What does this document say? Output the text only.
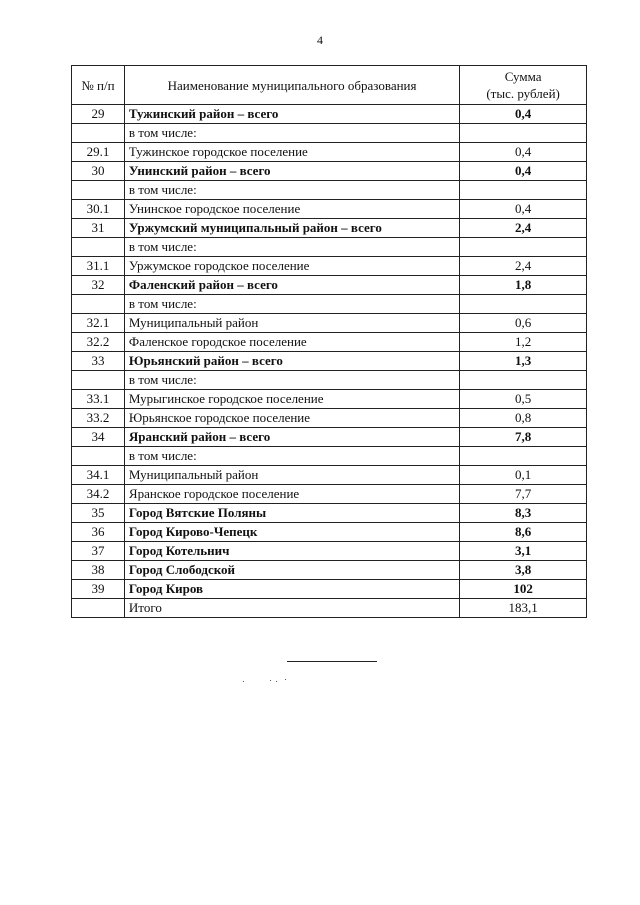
4
№ п/п	Наименование муниципального образования	Сумма
(тыс. рублей)
29	Тужинский район – всего	0,4
	в том числе:	
29.1	Тужинское городское поселение	0,4
30	Унинский район – всего	0,4
	в том числе:	
30.1	Унинское городское поселение	0,4
31	Уржумский муниципальный район – всего	2,4
	в том числе:	
31.1	Уржумское городское поселение	2,4
32	Фаленский район – всего	1,8
	в том числе:	
32.1	Муниципальный район	0,6
32.2	Фаленское городское поселение	1,2
33	Юрьянский район – всего	1,3
	в том числе:	
33.1	Мурыгинское городское поселение	0,5
33.2	Юрьянское городское поселение	0,8
34	Яранский район – всего	7,8
	в том числе:	
34.1	Муниципальный район	0,1
34.2	Яранское городское поселение	7,7
35	Город Вятские Поляны	8,3
36	Город Кирово-Чепецк	8,6
37	Город Котельнич	3,1
38	Город Слободской	3,8
39	Город Киров	102
	Итого	183,1
